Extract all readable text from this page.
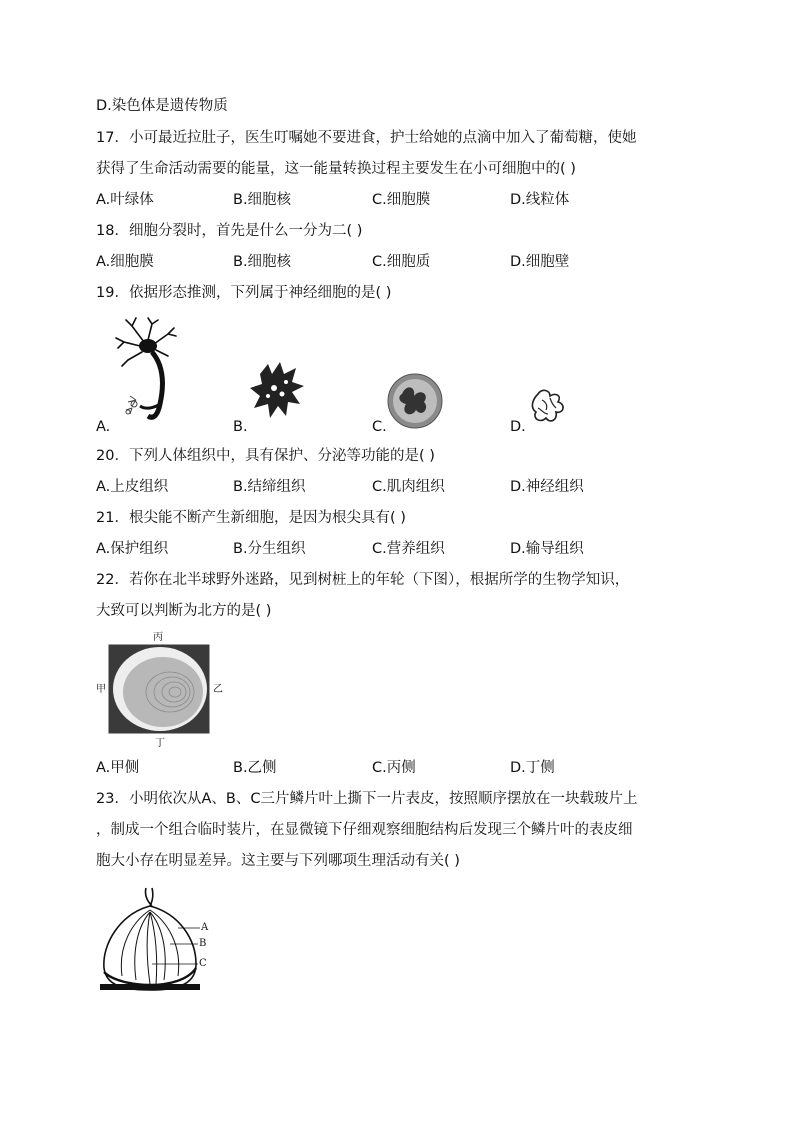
D.染色体是遗传物质
17．小可最近拉肚子，医生叮嘱她不要进食，护士给她的点滴中加入了葡萄糖，使她
获得了生命活动需要的能量，这一能量转换过程主要发生在小可细胞中的( )
A.叶绿体	B.细胞核	C.细胞膜	D.线粒体
18．细胞分裂时，首先是什么一分为二( )
A.细胞膜	B.细胞核	C.细胞质	D.细胞壁
19．依据形态推测，下列属于神经细胞的是( )
A.	B.	C.	D.
20．下列人体组织中，具有保护、分泌等功能的是( )
A.上皮组织	B.结缔组织	C.肌肉组织	D.神经组织
21．根尖能不断产生新细胞，是因为根尖具有( )
A.保护组织	B.分生组织	C.营养组织	D.输导组织
22．若你在北半球野外迷路，见到树桩上的年轮（下图），根据所学的生物学知识，
大致可以判断为北方的是( )
丙
甲	乙
丁
A.甲侧	B.乙侧	C.丙侧	D.丁侧
23．小明依次从A、B、C三片鳞片叶上撕下一片表皮，按照顺序摆放在一块载玻片上
，制成一个组合临时装片，在显微镜下仔细观察细胞结构后发现三个鳞片叶的表皮细
胞大小存在明显差异。这主要与下列哪项生理活动有关( )
A
B
C
